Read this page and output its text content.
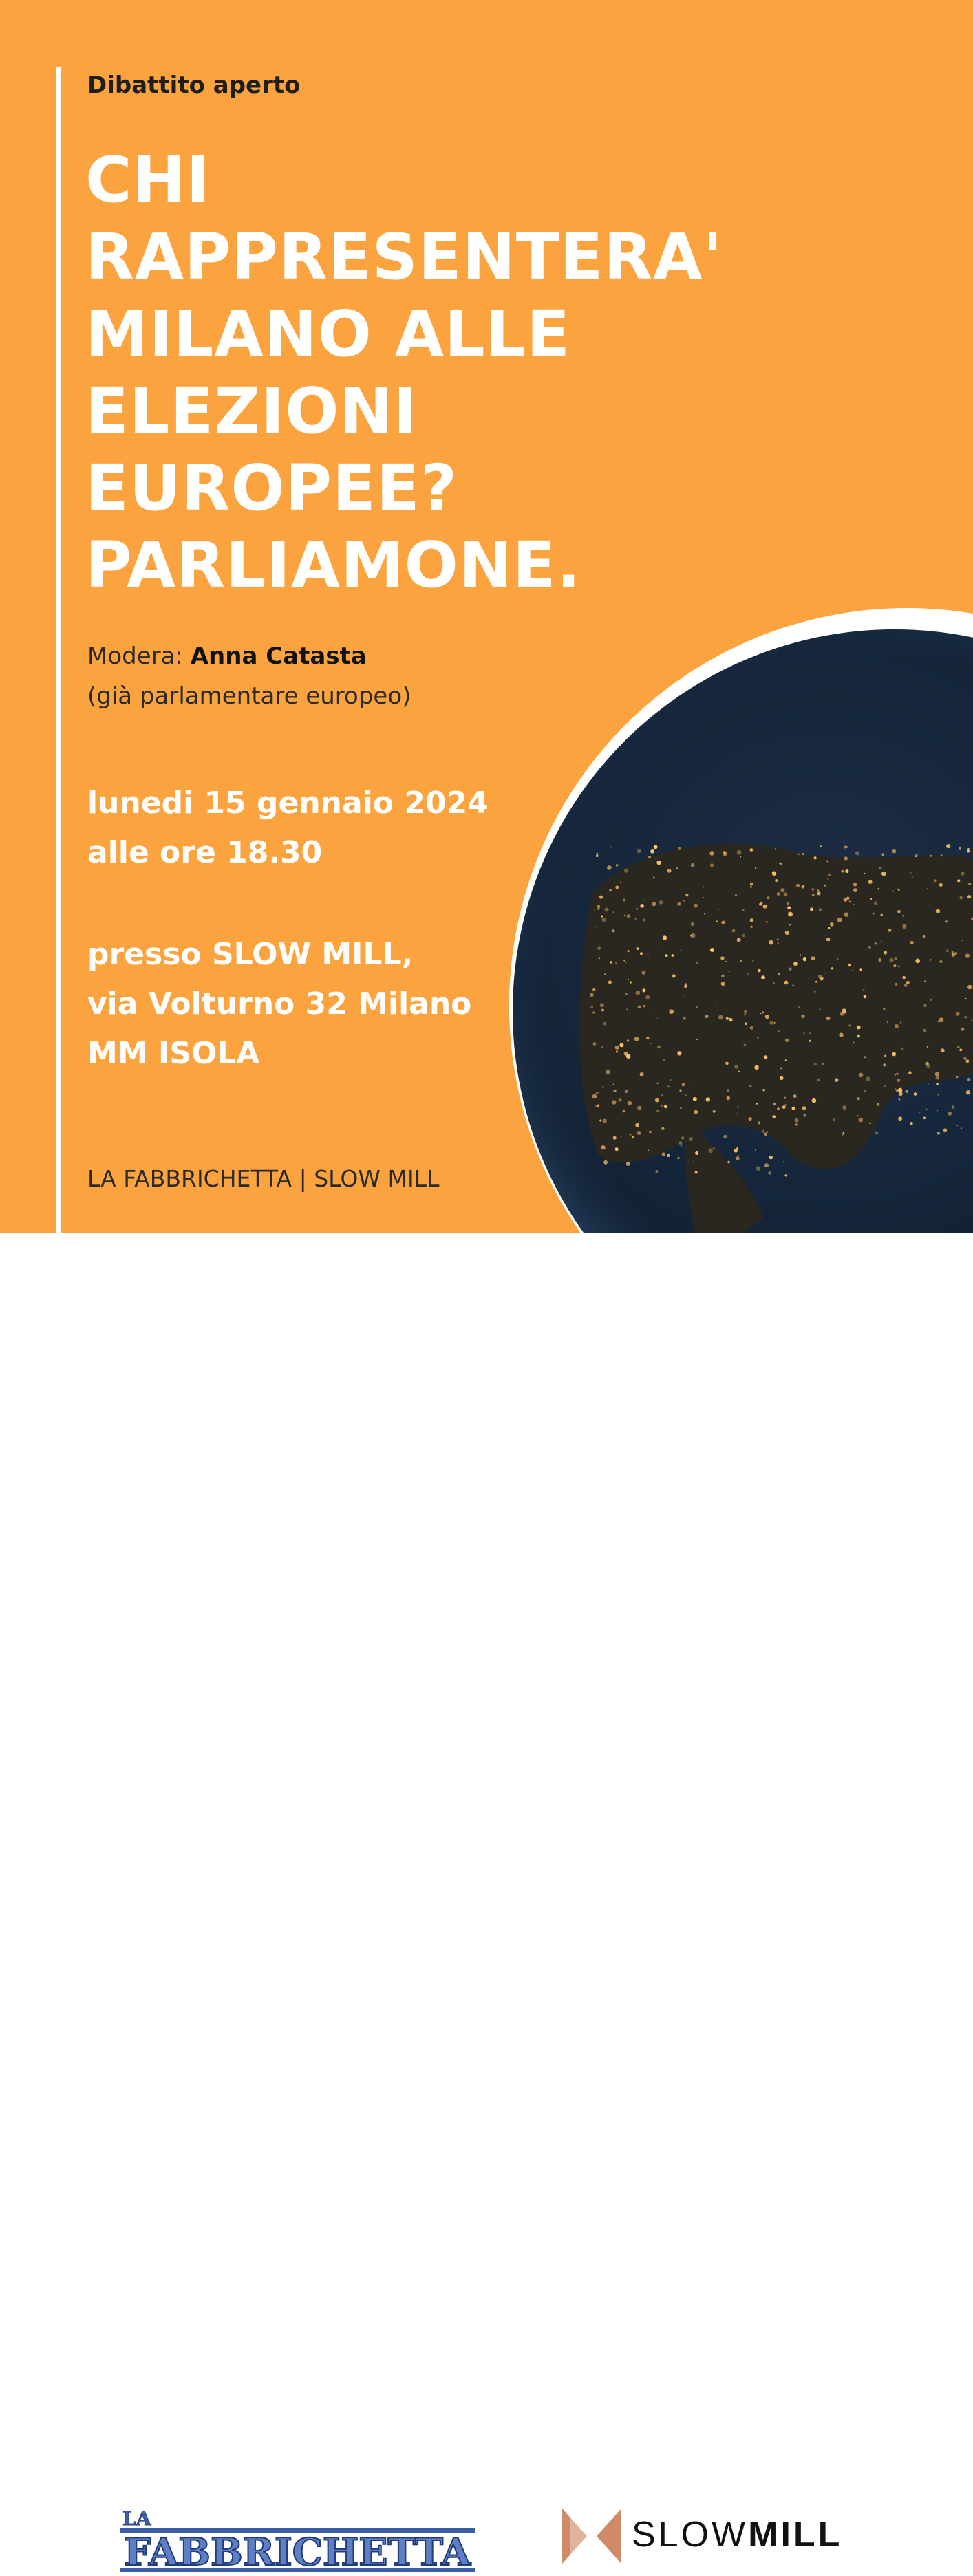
Dibattito aperto
CHI
RAPPRESENTERA'
MILANO ALLE
ELEZIONI
EUROPEE?
PARLIAMONE.
Modera: Anna Catasta
(già parlamentare europeo)
lunedi 15 gennaio 2024
alle ore 18.30
presso SLOW MILL,
via Volturno 32 Milano
MM ISOLA
LA FABBRICHETTA | SLOW MILL
LA
FABBRICHETTA	SLOWMILL
